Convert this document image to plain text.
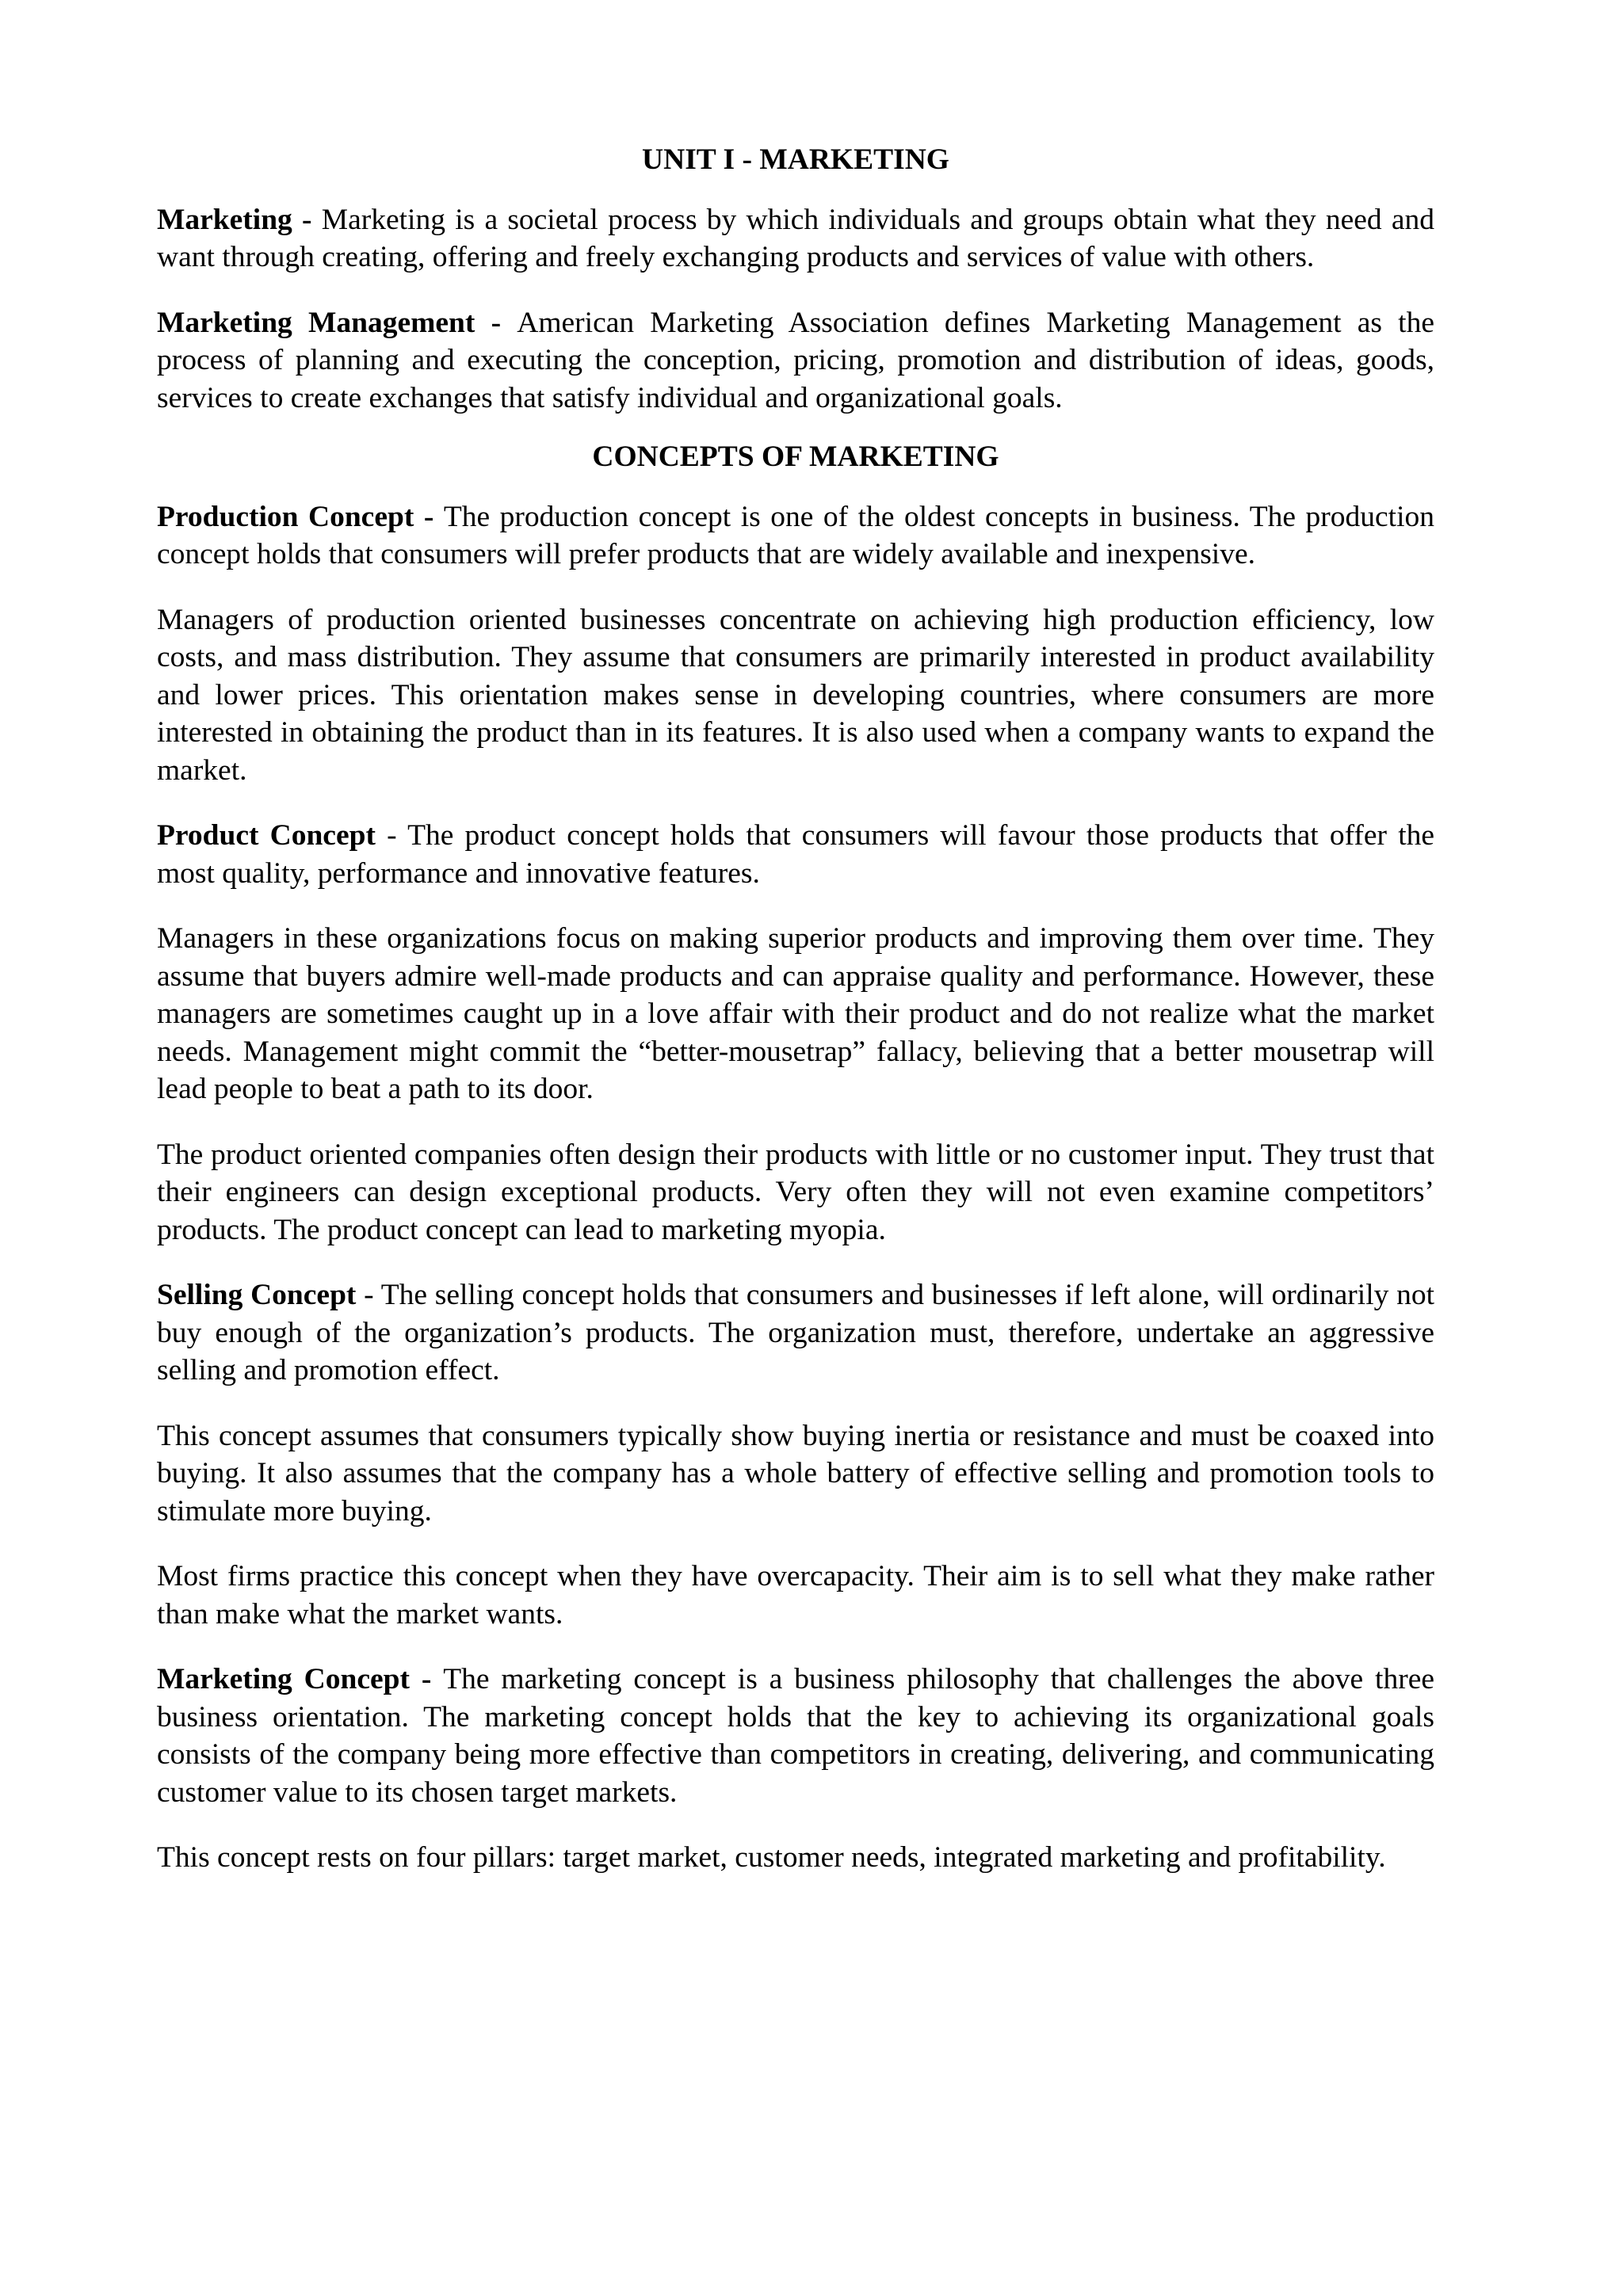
UNIT I - MARKETING

Marketing - Marketing is a societal process by which individuals and groups obtain what they need and want through creating, offering and freely exchanging products and services of value with others.

Marketing Management - American Marketing Association defines Marketing Management as the process of planning and executing the conception, pricing, promotion and distribution of ideas, goods, services to create exchanges that satisfy individual and organizational goals.

CONCEPTS OF MARKETING

Production Concept - The production concept is one of the oldest concepts in business. The production concept holds that consumers will prefer products that are widely available and inexpensive.

Managers of production oriented businesses concentrate on achieving high production efficiency, low costs, and mass distribution. They assume that consumers are primarily interested in product availability and lower prices. This orientation makes sense in developing countries, where consumers are more interested in obtaining the product than in its features. It is also used when a company wants to expand the market.

Product Concept - The product concept holds that consumers will favour those products that offer the most quality, performance and innovative features.

Managers in these organizations focus on making superior products and improving them over time. They assume that buyers admire well-made products and can appraise quality and performance. However, these managers are sometimes caught up in a love affair with their product and do not realize what the market needs. Management might commit the “better-mousetrap” fallacy, believing that a better mousetrap will lead people to beat a path to its door.

The product oriented companies often design their products with little or no customer input. They trust that their engineers can design exceptional products. Very often they will not even examine competitors’ products. The product concept can lead to marketing myopia.

Selling Concept - The selling concept holds that consumers and businesses if left alone, will ordinarily not buy enough of the organization’s products. The organization must, therefore, undertake an aggressive selling and promotion effect.

This concept assumes that consumers typically show buying inertia or resistance and must be coaxed into buying. It also assumes that the company has a whole battery of effective selling and promotion tools to stimulate more buying.

Most firms practice this concept when they have overcapacity. Their aim is to sell what they make rather than make what the market wants.

Marketing Concept - The marketing concept is a business philosophy that challenges the above three business orientation. The marketing concept holds that the key to achieving its organizational goals consists of the company being more effective than competitors in creating, delivering, and communicating customer value to its chosen target markets.

This concept rests on four pillars: target market, customer needs, integrated marketing and profitability.
